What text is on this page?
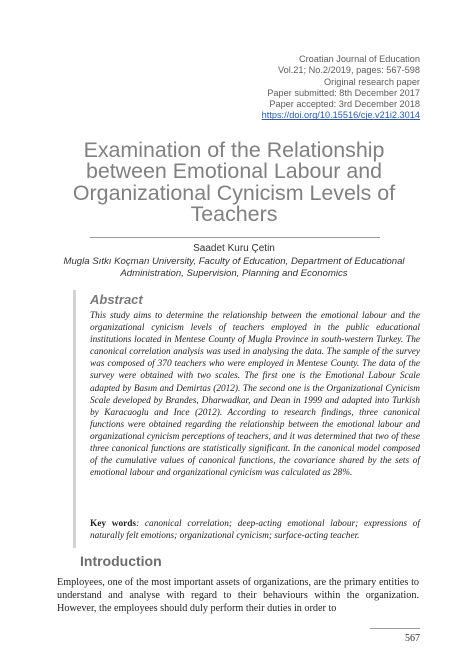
Croatian Journal of Education
Vol.21; No.2/2019, pages: 567-598
Original research paper
Paper submitted: 8th December 2017
Paper accepted: 3rd December 2018
https://doi.org/10.15516/cje.v21i2.3014
Examination of the Relationship between Emotional Labour and Organizational Cynicism Levels of Teachers
Saadet Kuru Çetin
Mugla Sıtkı Koçman University, Faculty of Education, Department of Educational Administration, Supervision, Planning and Economics
Abstract

This study aims to determine the relationship between the emotional labour and the organizational cynicism levels of teachers employed in the public educational institutions located in Mentese County of Mugla Province in south-western Turkey. The canonical correlation analysis was used in analysing the data. The sample of the survey was composed of 370 teachers who were employed in Mentese County. The data of the survey were obtained with two scales. The first one is the Emotional Labour Scale adapted by Basım and Demirtas (2012). The second one is the Organizational Cynicism Scale developed by Brandes, Dharwadkar, and Dean in 1999 and adapted into Turkish by Karacaoglu and Ince (2012). According to research findings, three canonical functions were obtained regarding the relationship between the emotional labour and organizational cynicism perceptions of teachers, and it was determined that two of these three canonical functions are statistically significant. In the canonical model composed of the cumulative values of canonical functions, the covariance shared by the sets of emotional labour and organizational cynicism was calculated as 28%.

Key words: canonical correlation; deep-acting emotional labour; expressions of naturally felt emotions; organizational cynicism; surface-acting teacher.

Introduction

Employees, one of the most important assets of organizations, are the primary entities to understand and analyse with regard to their behaviours within the organization. However, the employees should duly perform their duties in order to

567
